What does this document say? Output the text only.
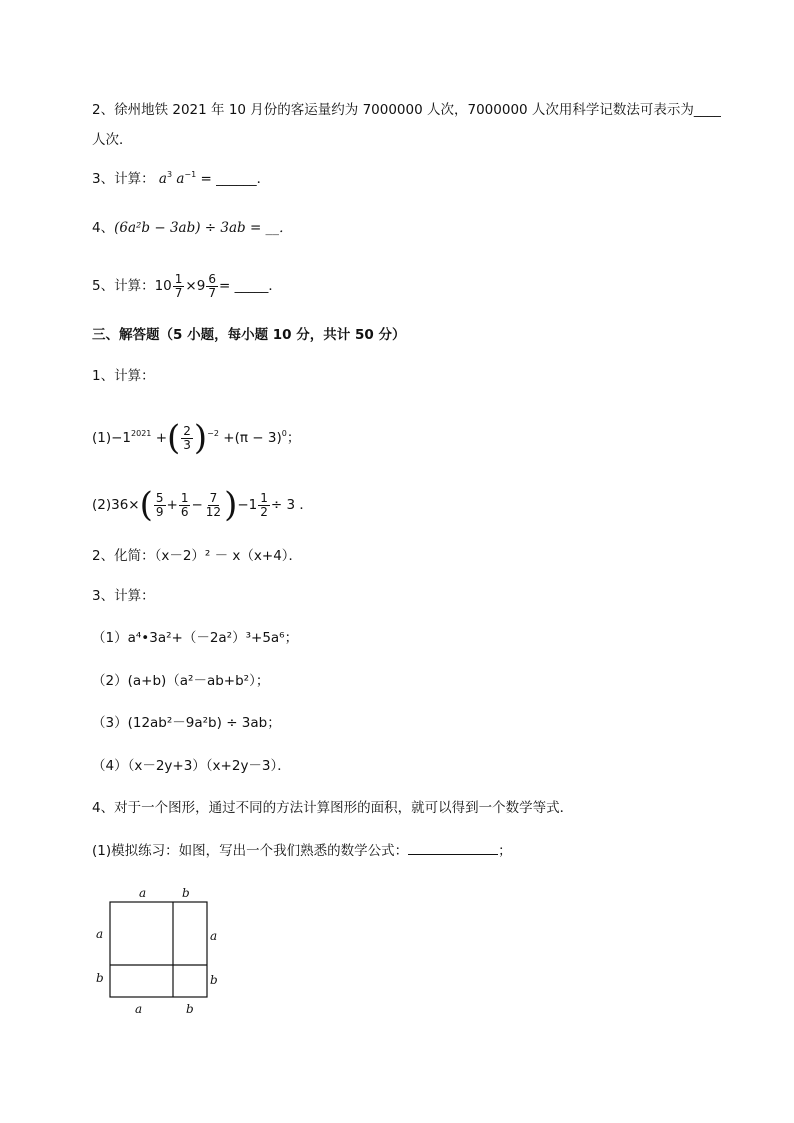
2、徐州地铁 2021 年 10 月份的客运量约为 7000000 人次，7000000 人次用科学记数法可表示为____
人次．
3、计算： $a^3$ $a^{-1}$ = ______．
4、(6a²b − 3ab) ÷ 3ab = __．
5、计算：$10 \frac{1}{7} \times 9 \frac{6}{7}$ = _____．
三、解答题（5 小题，每小题 10 分，共计 50 分）
1、计算：
$(1)-1^{2021}$ +( $\frac{2}{3} )^{-2} +(\pi - 3)^0$；
$(2)36\times( \frac{5}{9} + \frac{1}{6} - \frac{7}{12} )-1 \frac{1}{2} \div 3$ ．
2、化简：（x－2）² － x（x+4）．
3、计算：
（1）a⁴•3a²+（－2a²）³+5a⁶；
（2）(a+b)（a²－ab+b²）；
（3）(12ab²－9a²b) ÷ 3ab；
（4）（x－2y+3）（x+2y－3）．
4、对于一个图形，通过不同的方法计算图形的面积，就可以得到一个数学等式．
(1)模拟练习：如图，写出一个我们熟悉的数学公式：	；
a	b
a
b
a
b
a	b
